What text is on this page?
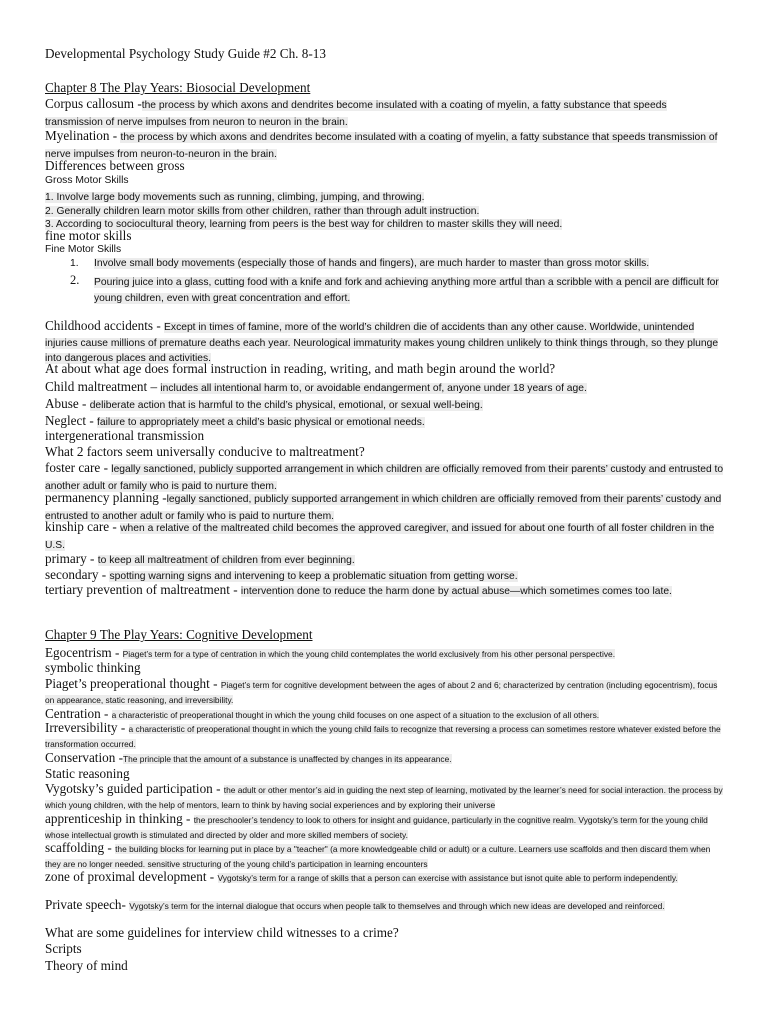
Developmental Psychology Study Guide #2 Ch. 8-13

Chapter 8 The Play Years: Biosocial Development

Corpus callosum -the process by which axons and dendrites become insulated with a coating of myelin, a fatty substance that speeds transmission of nerve impulses from neuron to neuron in the brain.

Myelination - the process by which axons and dendrites become insulated with a coating of myelin, a fatty substance that speeds transmission of nerve impulses from neuron-to-neuron in the brain.

Differences between gross

Gross Motor Skills

1. Involve large body movements such as running, climbing, jumping, and throwing.

2. Generally children learn motor skills from other children, rather than through adult instruction.

3. According to sociocultural theory, learning from peers is the best way for children to master skills they will need.

fine motor skills

Fine Motor Skills

1. Involve small body movements (especially those of hands and fingers), are much harder to master than gross motor skills.

2.	Pouring juice into a glass, cutting food with a knife and fork and achieving anything more artful than a scribble with a pencil are difficult for young children, even with great concentration and effort.

Childhood accidents - Except in times of famine, more of the world’s children die of accidents than any other cause. Worldwide, unintended injuries cause millions of premature deaths each year. Neurological immaturity makes young children unlikely to think things through, so they plunge into dangerous places and activities.

At about what age does formal instruction in reading, writing, and math begin around the world?

Child maltreatment – includes all intentional harm to, or avoidable endangerment of, anyone under 18 years of age.

Abuse - deliberate action that is harmful to the child’s physical, emotional, or sexual well-being.

Neglect - failure to appropriately meet a child’s basic physical or emotional needs.

intergenerational transmission

What 2 factors seem universally conducive to maltreatment?

foster care - legally sanctioned, publicly supported arrangement in which children are officially removed from their parents’ custody and entrusted to another adult or family who is paid to nurture them.

permanency planning -legally sanctioned, publicly supported arrangement in which children are officially removed from their parents’ custody and entrusted to another adult or family who is paid to nurture them.

kinship care - when a relative of the maltreated child becomes the approved caregiver, and issued for about one fourth of all foster children in the U.S.

primary - to keep all maltreatment of children from ever beginning.

secondary - spotting warning signs and intervening to keep a problematic situation from getting worse.

tertiary prevention of maltreatment - intervention done to reduce the harm done by actual abuse—which sometimes comes too late.

Chapter 9 The Play Years: Cognitive Development

Egocentrism - Piaget’s term for a type of centration in which the young child contemplates the world exclusively from his other personal perspective.

symbolic thinking

Piaget’s preoperational thought - Piaget’s term for cognitive development between the ages of about 2 and 6; characterized by centration (including egocentrism), focus on appearance, static reasoning, and irreversibility.

Centration - a characteristic of preoperational thought in which the young child focuses on one aspect of a situation to the exclusion of all others.

Irreversibility - a characteristic of preoperational thought in which the young child fails to recognize that reversing a process can sometimes restore whatever existed before the transformation occurred.

Conservation -The principle that the amount of a substance is unaffected by changes in its appearance.

Static reasoning

Vygotsky’s guided participation - the adult or other mentor’s aid in guiding the next step of learning, motivated by the learner’s need for social interaction. the process by which young children, with the help of mentors, learn to think by having social experiences and by exploring their universe

apprenticeship in thinking - the preschooler’s tendency to look to others for insight and guidance, particularly in the cognitive realm. Vygotsky’s term for the young child whose intellectual growth is stimulated and directed by older and more skilled members of society.

scaffolding - the building blocks for learning put in place by a "teacher" (a more knowledgeable child or adult) or a culture. Learners use scaffolds and then discard them when they are no longer needed. sensitive structuring of the young child’s participation in learning encounters

zone of proximal development - Vygotsky’s term for a range of skills that a person can exercise with assistance but isnot quite able to perform independently.

Private speech- Vygotsky’s term for the internal dialogue that occurs when people talk to themselves and through which new ideas are developed and reinforced.

What are some guidelines for interview child witnesses to a crime?

Scripts

Theory of mind
